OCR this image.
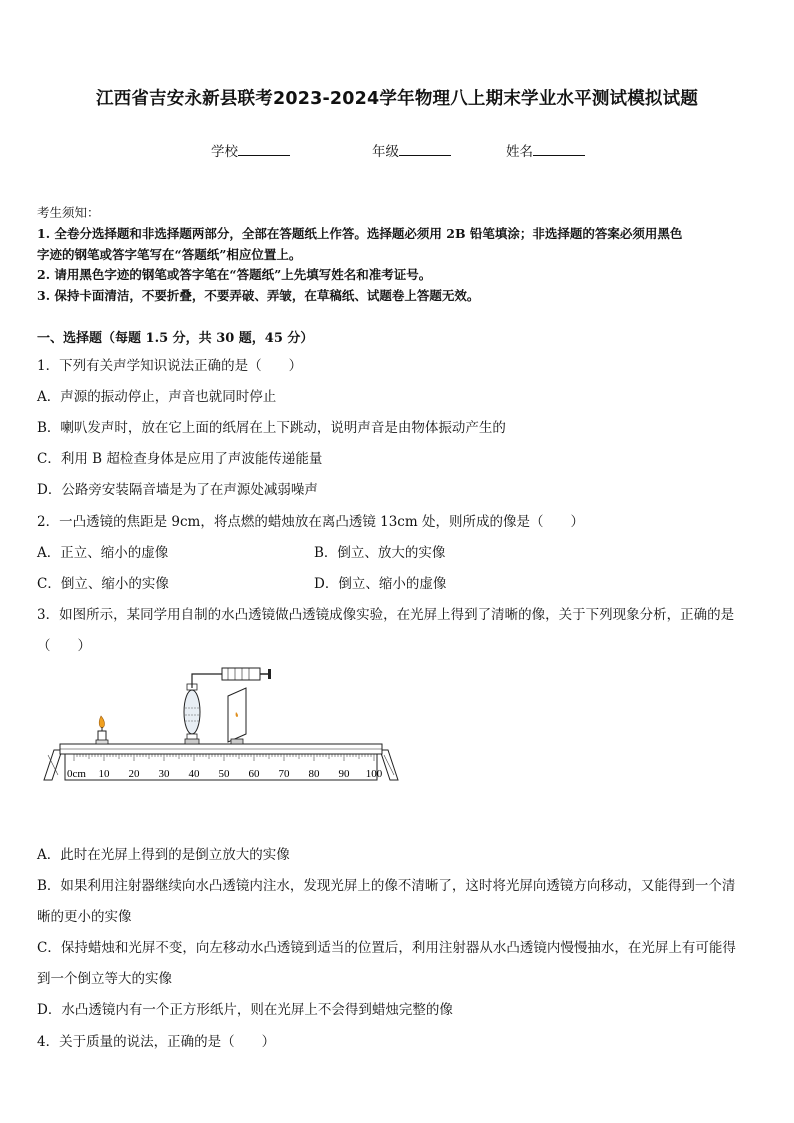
江西省吉安永新县联考2023-2024学年物理八上期末学业水平测试模拟试题
学校	年级	姓名
考生须知：
1. 全卷分选择题和非选择题两部分，全部在答题纸上作答。选择题必须用 2B 铅笔填涂；非选择题的答案必须用黑色
字迹的钢笔或答字笔写在“答题纸”相应位置上。
2. 请用黑色字迹的钢笔或答字笔在“答题纸”上先填写姓名和准考证号。
3. 保持卡面清洁，不要折叠，不要弄破、弄皱，在草稿纸、试题卷上答题无效。
一、选择题（每题 1.5 分，共 30 题，45 分）
1．下列有关声学知识说法正确的是（　　）
A．声源的振动停止，声音也就同时停止
B．喇叭发声时，放在它上面的纸屑在上下跳动，说明声音是由物体振动产生的
C．利用 B 超检查身体是应用了声波能传递能量
D．公路旁安装隔音墙是为了在声源处减弱噪声
2．一凸透镜的焦距是 9cm，将点燃的蜡烛放在离凸透镜 13cm 处，则所成的像是（　　）
A．正立、缩小的虚像	B．倒立、放大的实像
C．倒立、缩小的实像	D．倒立、缩小的虚像
3．如图所示，某同学用自制的水凸透镜做凸透镜成像实验，在光屏上得到了清晰的像，关于下列现象分析，正确的是
（　　）
0cm 10 20 30 40 50 60 70 80 90 100
A．此时在光屏上得到的是倒立放大的实像
B．如果利用注射器继续向水凸透镜内注水，发现光屏上的像不清晰了，这时将光屏向透镜方向移动，又能得到一个清
晰的更小的实像
C．保持蜡烛和光屏不变，向左移动水凸透镜到适当的位置后，利用注射器从水凸透镜内慢慢抽水，在光屏上有可能得
到一个倒立等大的实像
D．水凸透镜内有一个正方形纸片，则在光屏上不会得到蜡烛完整的像
4．关于质量的说法，正确的是（　　）
